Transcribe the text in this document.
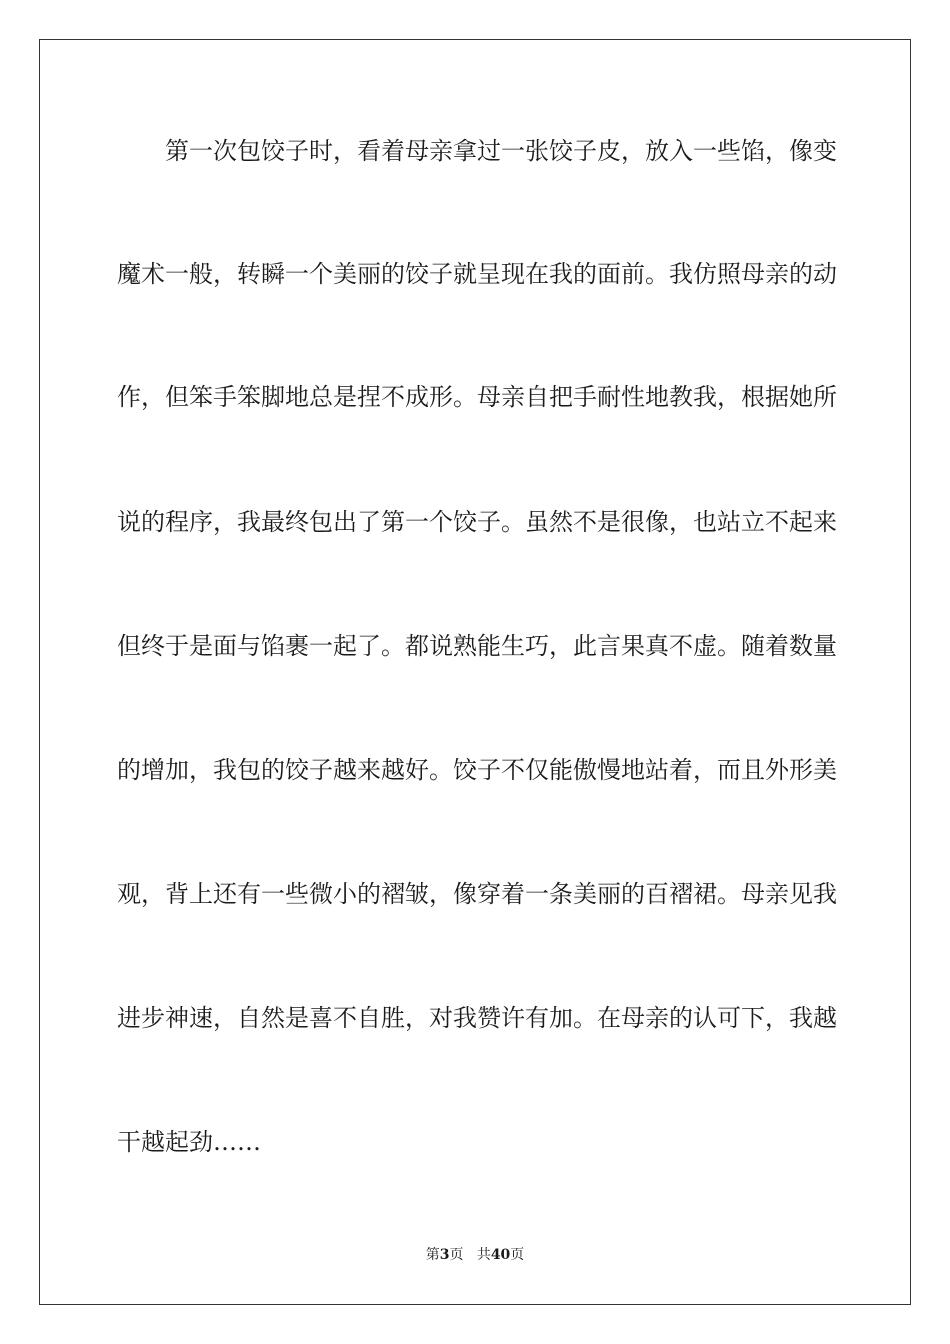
第一次包饺子时，看着母亲拿过一张饺子皮，放入一些馅，像变
魔术一般，转瞬一个美丽的饺子就呈现在我的面前。我仿照母亲的动
作，但笨手笨脚地总是捏不成形。母亲自把手耐性地教我，根据她所
说的程序，我最终包出了第一个饺子。虽然不是很像，也站立不起来
但终于是面与馅裹一起了。都说熟能生巧，此言果真不虚。随着数量
的增加，我包的饺子越来越好。饺子不仅能傲慢地站着，而且外形美
观，背上还有一些微小的褶皱，像穿着一条美丽的百褶裙。母亲见我
进步神速，自然是喜不自胜，对我赞许有加。在母亲的认可下，我越
干越起劲……
第3页 共40页
